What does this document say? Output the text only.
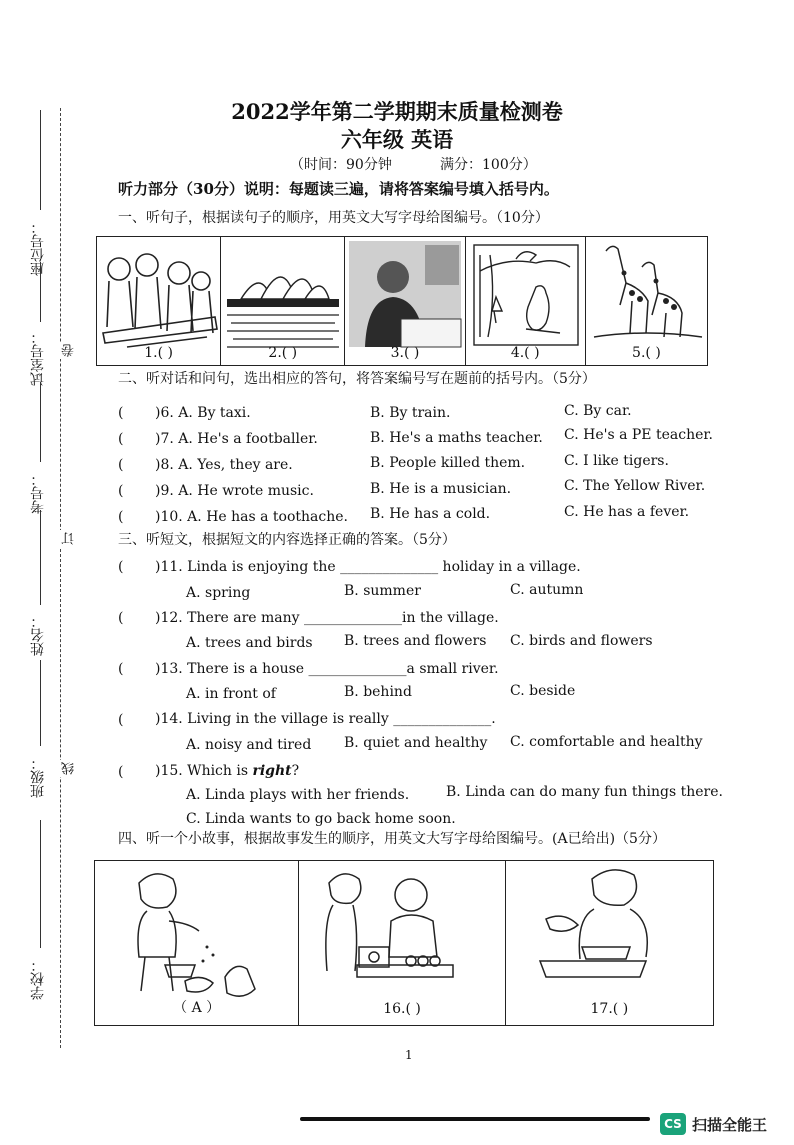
座位号：
试室号： 卷
考号：
订
姓名：
班级： 线
学校：
2022学年第二学期期末质量检测卷
六年级 英语
（时间：90分钟	满分：100分）
听力部分（30分）说明：每题读三遍，请将答案编号填入括号内。
一、听句子，根据读句子的顺序，用英文大写字母给图编号。（10分）
1.( )	2.( )	3.( )	4.( )	5.( )
二、听对话和问句，选出相应的答句，将答案编号写在题前的括号内。（5分）
( )6. A. By taxi.	B. By train.	C. By car.
( )7. A. He's a footballer.	B. He's a maths teacher. C. He's a PE teacher.
( )8. A. Yes, they are.	B. People killed them.	C. I like tigers.
( )9. A. He wrote music.	B. He is a musician.	C. The Yellow River.
( )10. A. He has a toothache. B. He has a cold.	C. He has a fever.
三、听短文，根据短文的内容选择正确的答案。（5分）
( )11. Linda is enjoying the ______________ holiday in a village.
A. spring	B. summer	C. autumn
( )12. There are many ______________in the village.
A. trees and birds B. trees and flowers C. birds and flowers
( )13. There is a house ______________a small river.
A. in front of	B. behind	C. beside
( )14. Living in the village is really ______________.
A. noisy and tired B. quiet and healthy C. comfortable and healthy
( )15. Which is right?
A. Linda plays with her friends.	B. Linda can do many fun things there.
C. Linda wants to go back home soon.
四、听一个小故事，根据故事发生的顺序，用英文大写字母给图编号。(A已给出)（5分）
（ A ）	16.( )	17.( )
1
CS 扫描全能王
